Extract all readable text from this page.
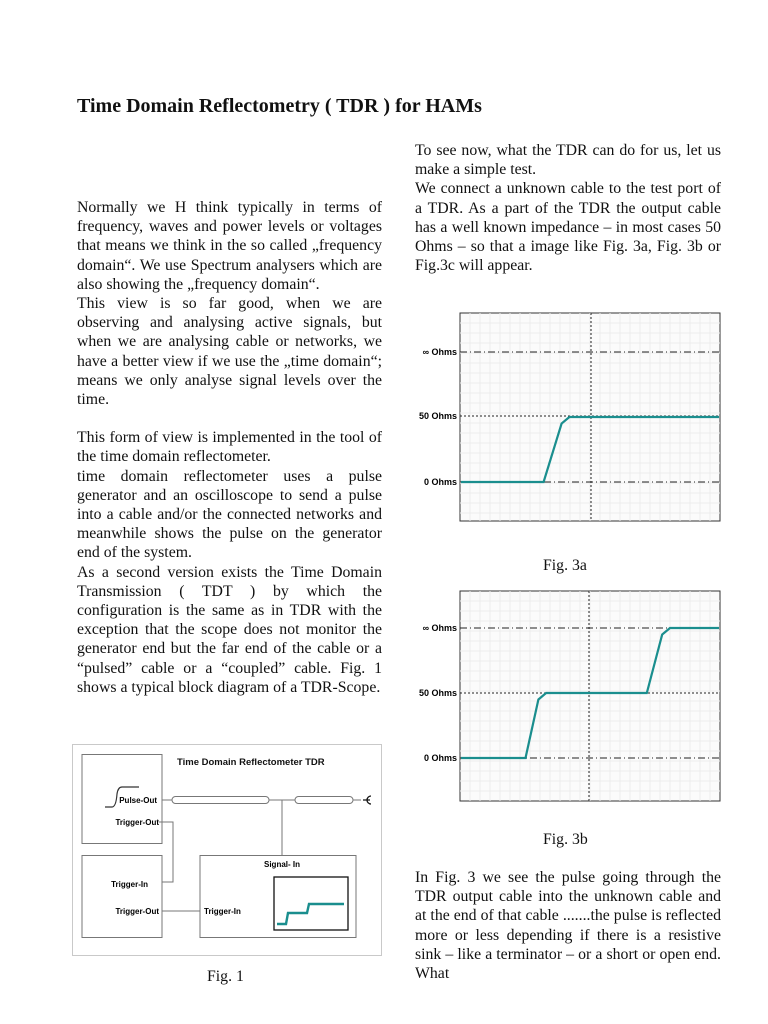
Time Domain Reflectometry ( TDR ) for HAMs

Normally we H think typically in terms of frequency, waves and power levels or voltages that means we think in the so called „frequency domain“. We use Spectrum analysers which are also showing the „frequency domain“.

This view is so far good, when we are observing and analysing active signals, but when we are analysing cable or networks, we have a better view if we use the „time domain“; means we only analyse signal levels over the time.

This form of view is implemented in the tool of the time domain reflectometer.

time domain reflectometer uses a pulse generator and an oscilloscope to send a pulse into a cable and/or the connected networks and meanwhile shows the pulse on the generator end of the system.

As a second version exists the Time Domain Transmission ( TDT ) by which the configuration is the same as in TDR with the exception that the scope does not monitor the generator end but the far end of the cable or a “pulsed” cable or a “coupled” cable. Fig. 1 shows a typical block diagram of a TDR-Scope.

To see now, what the TDR can do for us, let us make a simple test.

We connect a unknown cable to the test port of a TDR. As a part of the TDR the output cable has a well known impedance – in most cases 50 Ohms – so that a image like Fig. 3a, Fig. 3b or Fig.3c will appear.

In Fig. 3 we see the pulse going through the TDR output cable into the unknown cable and at the end of that cable .......the pulse is reflected more or less depending if there is a resistive sink – like a terminator – or a short or open end. What

Time Domain Reflectometer TDR
Pulse-Out
Trigger-Out
Trigger-In
Trigger-Out
Signal- In
Trigger-In
Fig. 1
∞ Ohms
50 Ohms
0 Ohms
Fig. 3a
∞ Ohms
50 Ohms
0 Ohms
Fig. 3b
